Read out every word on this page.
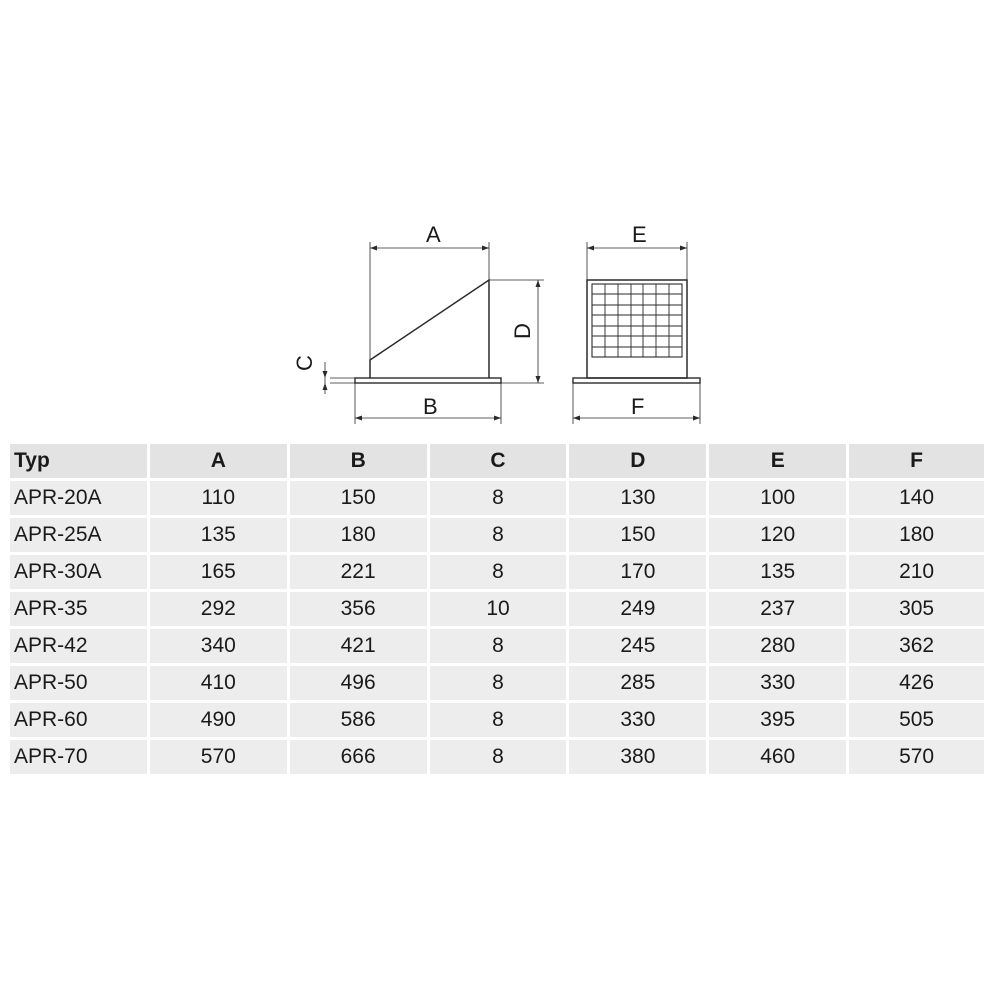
A
D
B
C
E
F
Typ	A	B	C	D	E	F
APR-20A	110	150	8	130	100	140
APR-25A	135	180	8	150	120	180
APR-30A	165	221	8	170	135	210
APR-35	292	356	10	249	237	305
APR-42	340	421	8	245	280	362
APR-50	410	496	8	285	330	426
APR-60	490	586	8	330	395	505
APR-70	570	666	8	380	460	570
